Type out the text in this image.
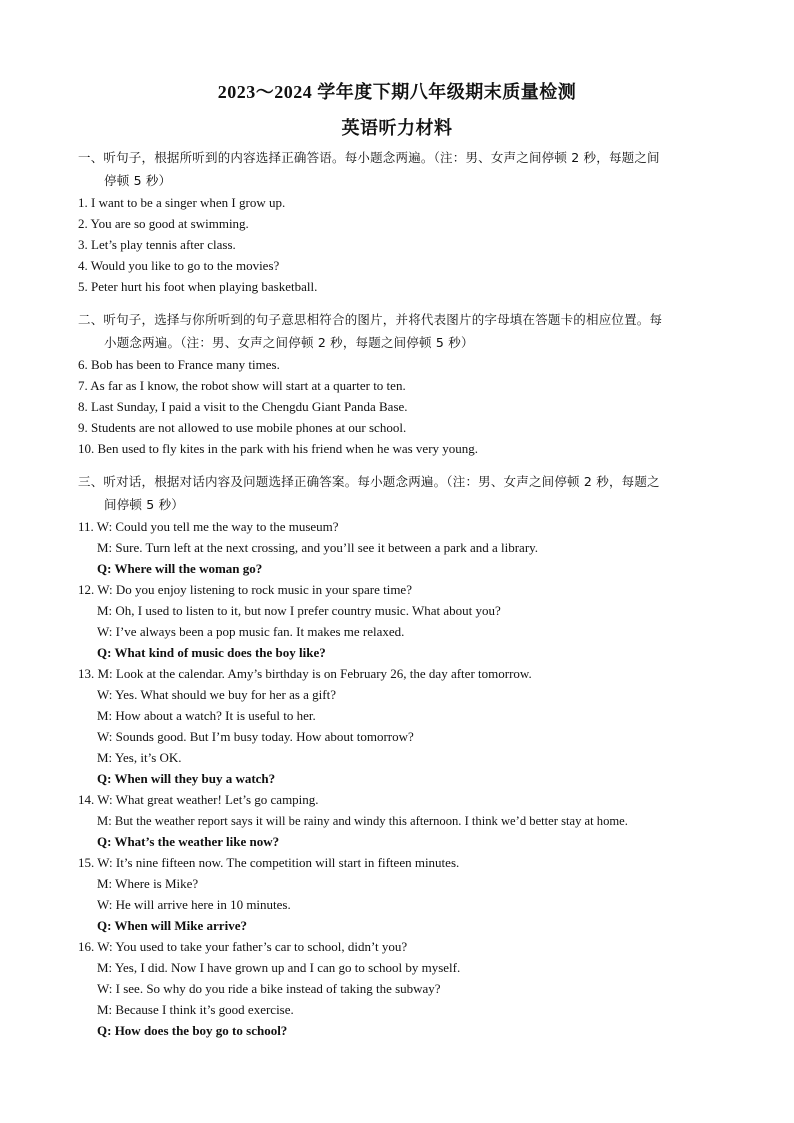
2023～2024 学年度下期八年级期末质量检测
英语听力材料
一、听句子，根据所听到的内容选择正确答语。每小题念两遍。（注：男、女声之间停顿 2 秒，每题之间
停顿 5 秒）
1. I want to be a singer when I grow up.
2. You are so good at swimming.
3. Let’s play tennis after class.
4. Would you like to go to the movies?
5. Peter hurt his foot when playing basketball.
二、听句子，选择与你所听到的句子意思相符合的图片，并将代表图片的字母填在答题卡的相应位置。每
小题念两遍。（注：男、女声之间停顿 2 秒，每题之间停顿 5 秒）
6. Bob has been to France many times.
7. As far as I know, the robot show will start at a quarter to ten.
8. Last Sunday, I paid a visit to the Chengdu Giant Panda Base.
9. Students are not allowed to use mobile phones at our school.
10. Ben used to fly kites in the park with his friend when he was very young.
三、听对话，根据对话内容及问题选择正确答案。每小题念两遍。（注：男、女声之间停顿 2 秒，每题之
间停顿 5 秒）
11. W: Could you tell me the way to the museum?
M: Sure. Turn left at the next crossing, and you’ll see it between a park and a library.
Q: Where will the woman go?
12. W: Do you enjoy listening to rock music in your spare time?
M: Oh, I used to listen to it, but now I prefer country music. What about you?
W: I’ve always been a pop music fan. It makes me relaxed.
Q: What kind of music does the boy like?
13. M: Look at the calendar. Amy’s birthday is on February 26, the day after tomorrow.
W: Yes. What should we buy for her as a gift?
M: How about a watch? It is useful to her.
W: Sounds good. But I’m busy today. How about tomorrow?
M: Yes, it’s OK.
Q: When will they buy a watch?
14. W: What great weather! Let’s go camping.
M: But the weather report says it will be rainy and windy this afternoon. I think we’d better stay at home.
Q: What’s the weather like now?
15. W: It’s nine fifteen now. The competition will start in fifteen minutes.
M: Where is Mike?
W: He will arrive here in 10 minutes.
Q: When will Mike arrive?
16. W: You used to take your father’s car to school, didn’t you?
M: Yes, I did. Now I have grown up and I can go to school by myself.
W: I see. So why do you ride a bike instead of taking the subway?
M: Because I think it’s good exercise.
Q: How does the boy go to school?
